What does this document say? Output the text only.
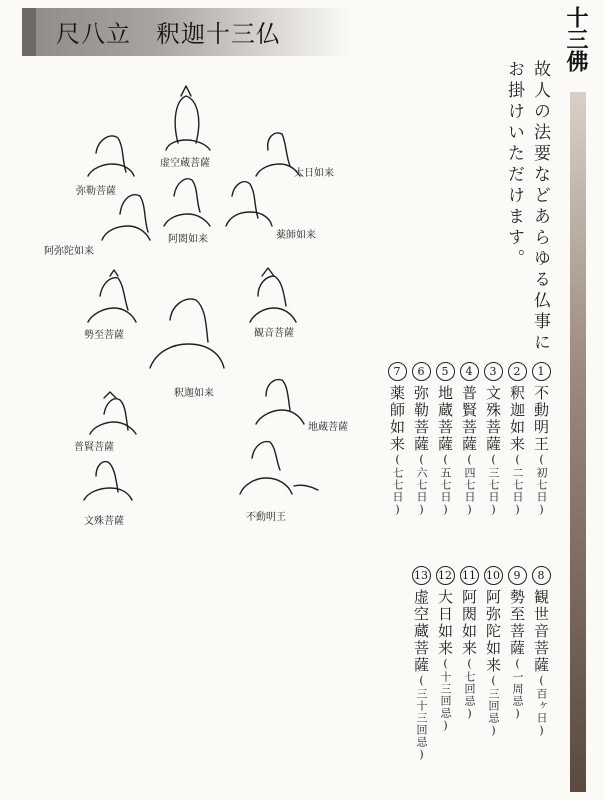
尺八立　釈迦十三仏	十三佛
故人の法要などあらゆる仏事に
お掛けいただけます。
1不動明王(初七日)
2釈迦如来(二七日)
3文殊菩薩(三七日)
4普賢菩薩(四七日)
5地蔵菩薩(五七日)
6弥勒菩薩(六七日)
7薬師如来(七七日)
8観世音菩薩(百ヶ日)
9勢至菩薩(一周忌)
10阿弥陀如来(三回忌)
11阿閦如来(七回忌)
12大日如来(十三回忌)
13虚空蔵菩薩(三十三回忌)
虚空蔵菩薩
弥勒菩薩
大日如来
阿閦如来
阿弥陀如来
薬師如来
勢至菩薩	観音菩薩
釈迦如来
普賢菩薩
地蔵菩薩
文殊菩薩	不動明王
